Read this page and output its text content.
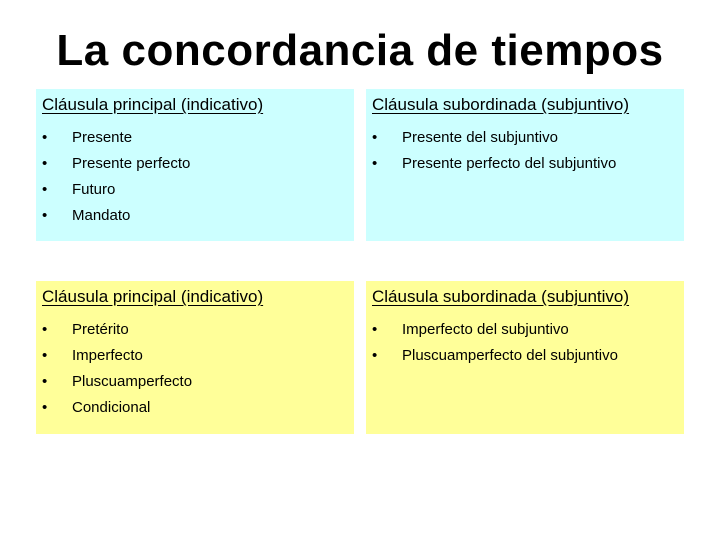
La concordancia de tiempos
Cláusula principal (indicativo)
• Presente
• Presente perfecto
• Futuro
• Mandato
Cláusula subordinada (subjuntivo)
• Presente del subjuntivo
• Presente perfecto del subjuntivo
Cláusula principal (indicativo)
• Pretérito
• Imperfecto
• Pluscuamperfecto
• Condicional
Cláusula subordinada (subjuntivo)
• Imperfecto del subjuntivo
• Pluscuamperfecto del subjuntivo
